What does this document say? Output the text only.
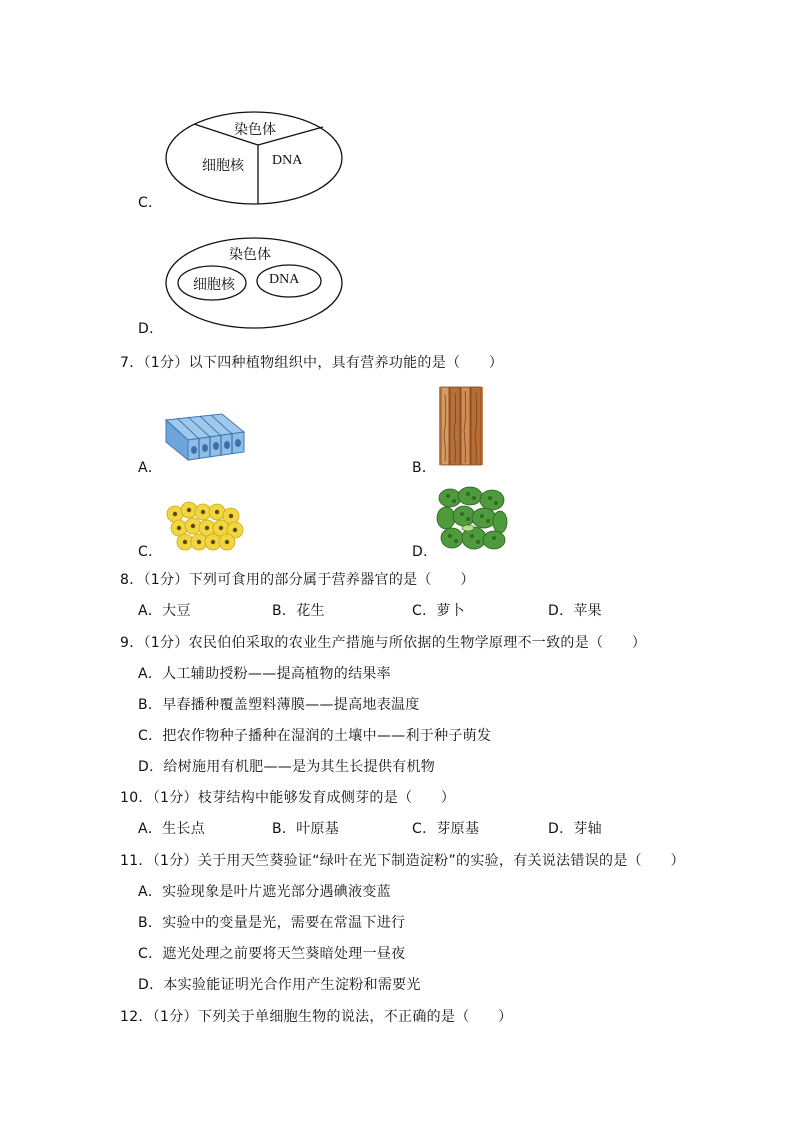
染色体
细胞核 DNA
C．
染色体
细胞核 DNA
D．
7．（1分）以下四种植物组织中，具有营养功能的是（　　）
A．	B．
C．	D．
8．（1分）下列可食用的部分属于营养器官的是（　　）
A．大豆	B．花生	C．萝卜	D．苹果
9．（1分）农民伯伯采取的农业生产措施与所依据的生物学原理不一致的是（　　）
A．人工辅助授粉——提高植物的结果率
B．早春播种覆盖塑料薄膜——提高地表温度
C．把农作物种子播种在湿润的土壤中——利于种子萌发
D．给树施用有机肥——是为其生长提供有机物
10．（1分）枝芽结构中能够发育成侧芽的是（　　）
A．生长点	B．叶原基	C．芽原基	D．芽轴
11．（1分）关于用天竺葵验证“绿叶在光下制造淀粉”的实验，有关说法错误的是（　　）
A．实验现象是叶片遮光部分遇碘液变蓝
B．实验中的变量是光，需要在常温下进行
C．遮光处理之前要将天竺葵暗处理一昼夜
D．本实验能证明光合作用产生淀粉和需要光
12．（1分）下列关于单细胞生物的说法，不正确的是（　　）
